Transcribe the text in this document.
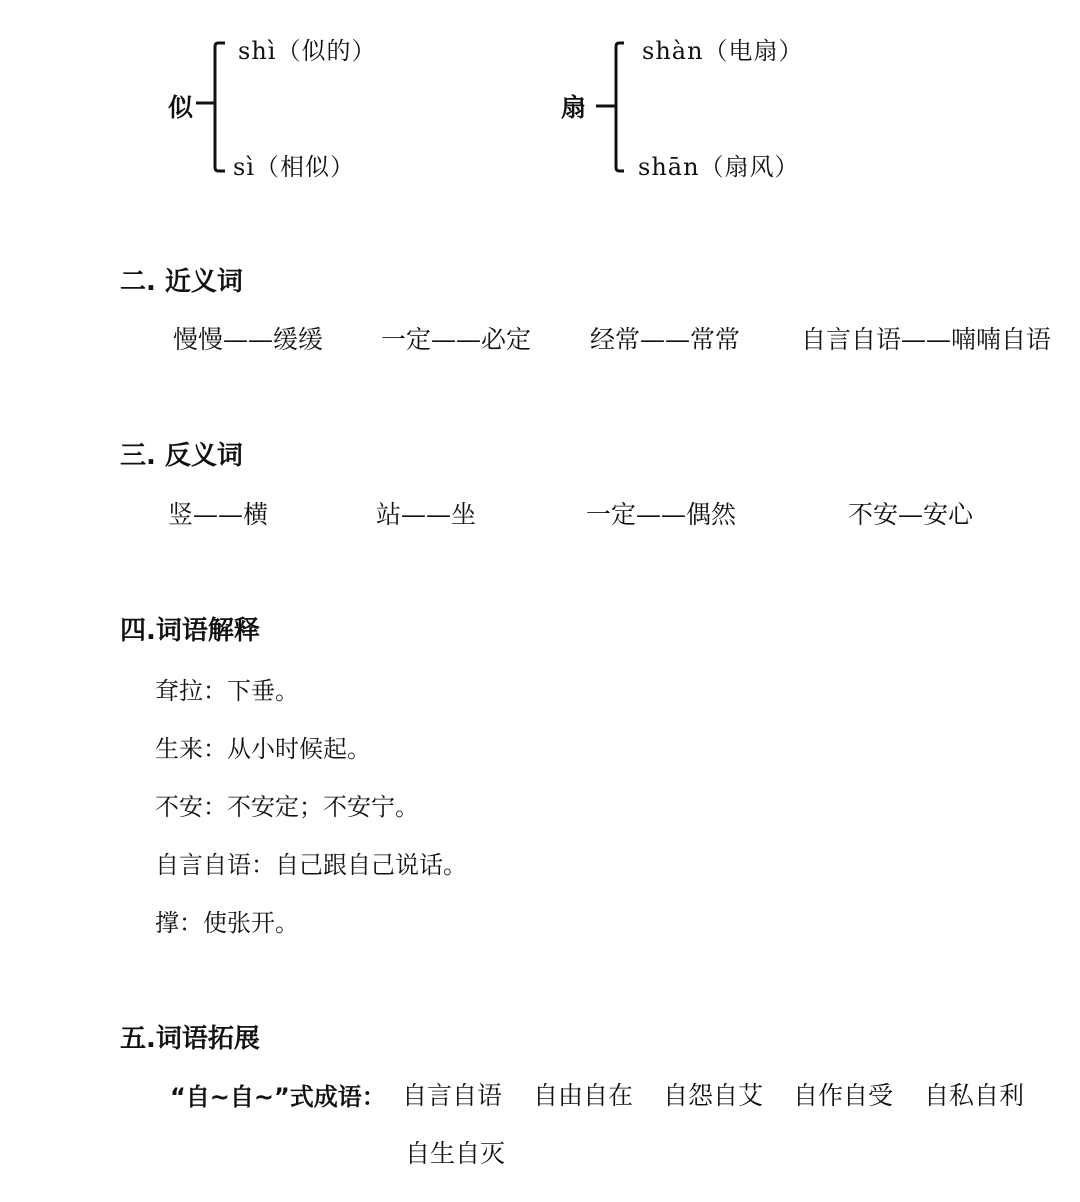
似
shì（似的）
sì（相似）
扇
shàn（电扇）
shān（扇风）
二. 近义词
慢慢——缓缓 一定——必定 经常——常常 自言自语——喃喃自语
三. 反义词
竖——横	站——坐	一定——偶然	不安—安心
四.词语解释
耷拉：下垂。
生来：从小时候起。
不安：不安定；不安宁。
自言自语：自己跟自己说话。
撑：使张开。
五.词语拓展
“自~自~”式成语： 自言自语 自由自在 自怨自艾 自作自受 自私自利
自生自灭
